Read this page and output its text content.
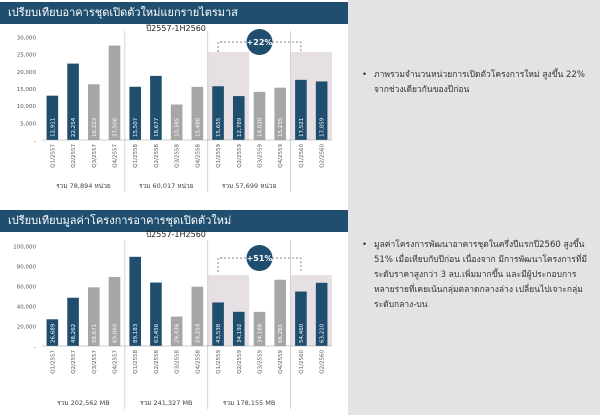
เปรียบเทียบอาคารชุดเปิดตัวใหม่แยกรายไตรมาส
เปรียบเทียบมูลค่าโครงการอาคารชุดเปิดตัวใหม่
-
5,000
10,000
15,000
20,000
25,000
30,000
12,911
Q1/2557
22,254
Q2/2557
16,223
Q3/2557
27,506
Q4/2557
15,507
Q1/2558
18,677
Q2/2558
10,345
Q3/2558
15,488
Q4/2558
15,655
Q1/2559
12,789
Q2/2559
14,020
Q3/2559
15,235
Q4/2559
17,521
Q1/2560
17,059
Q2/2560
ปี2557-1H2560
รวม 78,894 หน่วย	รวม 60,017 หน่วย	รวม 57,699 หน่วย
+22%
-
20,000
40,000
60,000
80,000
100,000
26,689
Q1/2557
48,262
Q2/2557
58,671
Q3/2557
69,060
Q4/2557
89,183
Q1/2558
63,456
Q2/2558
29,436
Q3/2558
59,254
Q4/2558
43,538
Q1/2559
34,192
Q2/2559
34,168
Q3/2559
66,261
Q4/2559
54,460
Q1/2560
63,210
Q2/2560
ปี2557-1H2560
รวม 202,562 MB	รวม 241,327 MB	รวม 178,155 MB
+51%
• ภาพรวมจำนวนหน่วยการเปิดตัวโครงการใหม่ สูงขึ้น 22% จากช่วงเดียวกันของปีก่อน
• มูลค่าโครงการพัฒนาอาคารชุดในครึ่งปีแรกปี2560 สูงขึ้น 51% เมื่อเทียบกับปีก่อน เนื่องจาก มีการพัฒนาโครงการที่มีระดับราคาสูงกว่า 3 ลบ.เพิ่มมากขึ้น และมีผู้ประกอบการหลายรายที่เคยเน้นกลุ่มตลาดกลางล่าง เปลี่ยนไปเจาะกลุ่มระดับกลาง-บน
